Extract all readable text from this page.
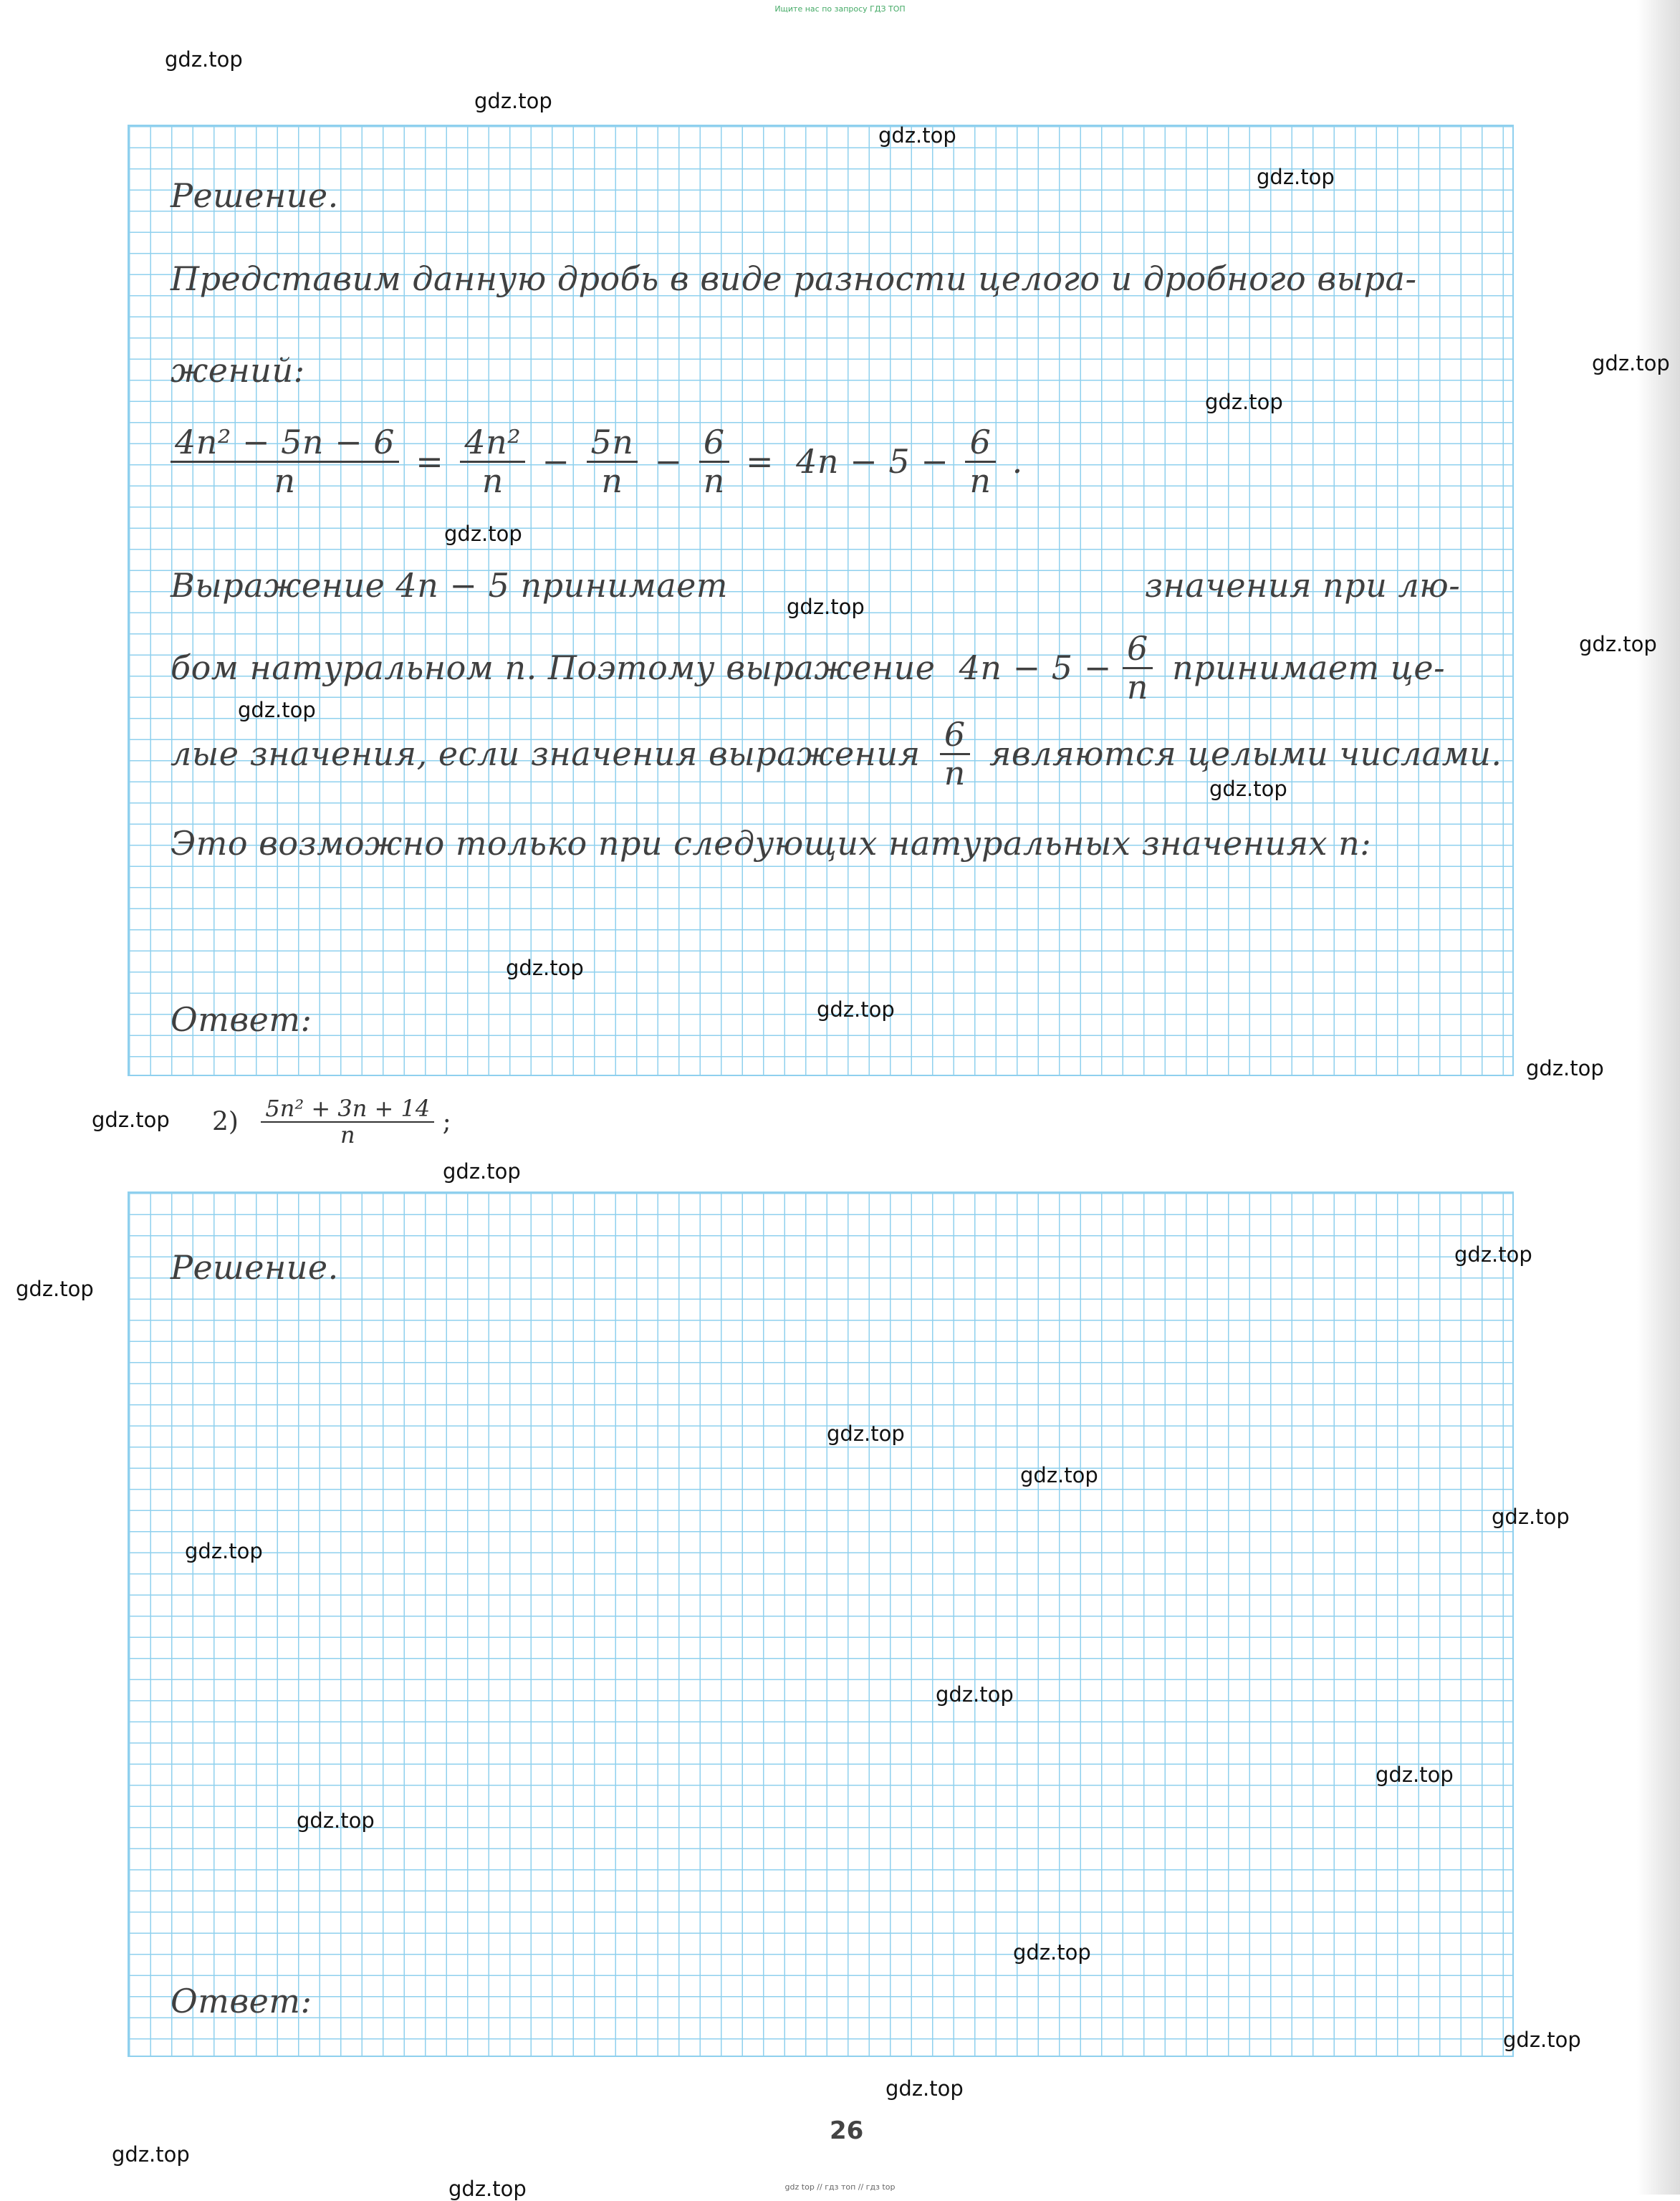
Ищите нас по запросу ГДЗ ТОП
Решение.
Представим данную дробь в виде разности целого и дробного выра-
жений:
$\frac{\text{4n² − 5n − 6}}{n} = \frac{\text{4n²}}{n} - \frac{5n}{n} - \frac{6}{n} = 4n - 5 - \frac{6}{n}$ .
Выражение 4n − 5 принимает	значения при лю-
бом натуральном n. Поэтому выражение $4n - 5 - \frac{6}{n}$ принимает це-
лые значения, если значения выражения $\frac{6}{n}$ являются целыми числами.
Это возможно только при следующих натуральных значениях n:
Ответ:
$2) \frac{\text{5n² + 3n + 14}}{n}$ ;
Решение.
Ответ:
26
gdz top // гдз топ // гдз top
gdz.top
gdz.top
gdz.top
gdz.top
gdz.top
gdz.top
gdz.top
gdz.top
gdz.top
gdz.top
gdz.top
gdz.top
gdz.top
gdz.top
gdz.top
gdz.top
gdz.top
gdz.top
gdz.top
gdz.top
gdz.top
gdz.top
gdz.top
gdz.top
gdz.top
gdz.top
gdz.top
gdz.top
gdz.top
gdz.top
